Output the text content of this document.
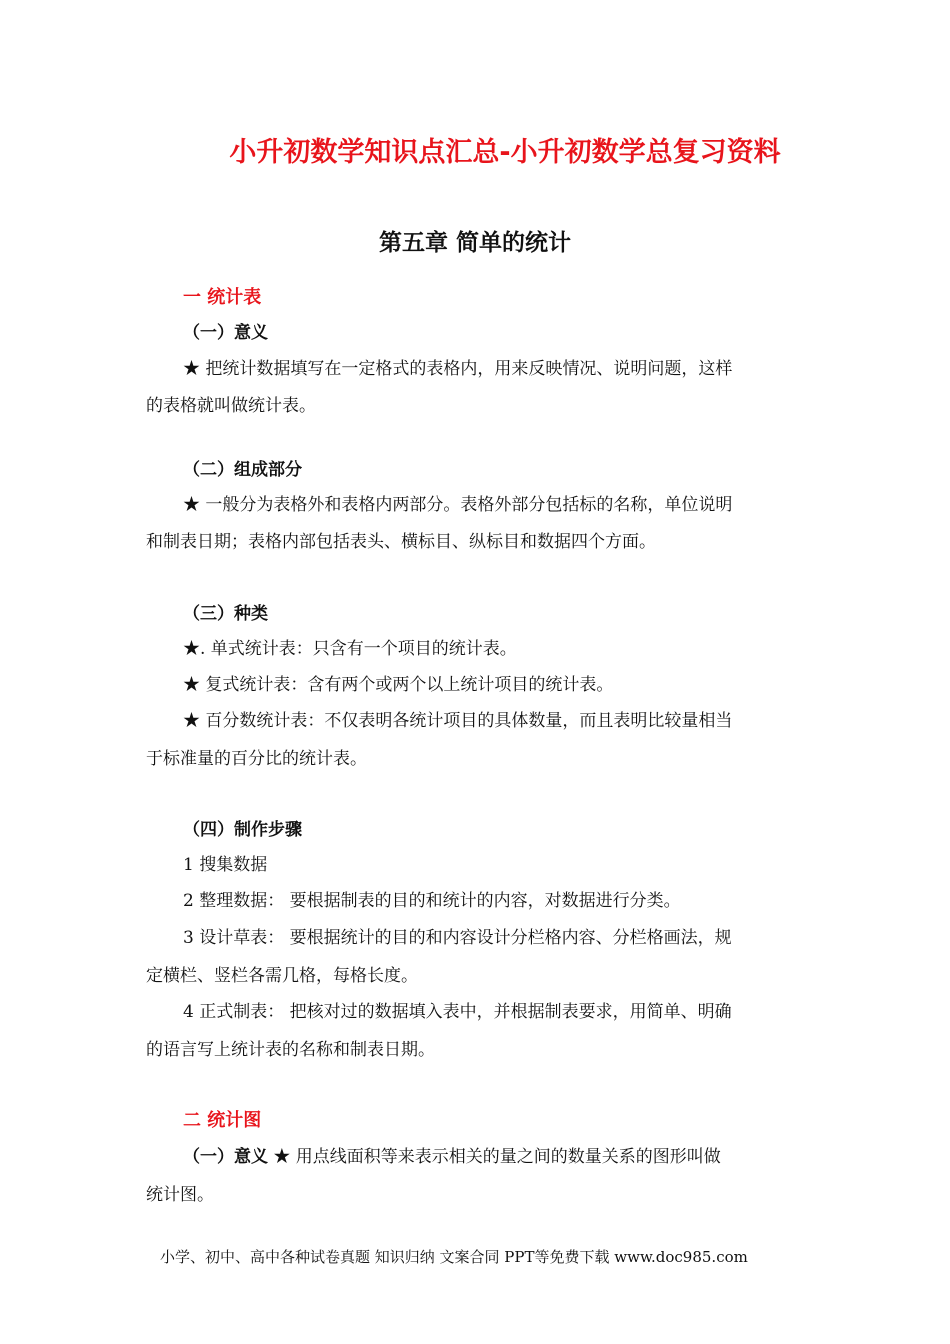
小升初数学知识点汇总-小升初数学总复习资料
第五章 简单的统计
一 统计表
（一）意义
★ 把统计数据填写在一定格式的表格内，用来反映情况、说明问题，这样
的表格就叫做统计表。
（二）组成部分
★ 一般分为表格外和表格内两部分。表格外部分包括标的名称，单位说明
和制表日期；表格内部包括表头、横标目、纵标目和数据四个方面。
（三）种类
★. 单式统计表：只含有一个项目的统计表。
★ 复式统计表：含有两个或两个以上统计项目的统计表。
★ 百分数统计表：不仅表明各统计项目的具体数量，而且表明比较量相当
于标准量的百分比的统计表。
（四）制作步骤
1 搜集数据
2 整理数据： 要根据制表的目的和统计的内容，对数据进行分类。
3 设计草表： 要根据统计的目的和内容设计分栏格内容、分栏格画法，规
定横栏、竖栏各需几格，每格长度。
4 正式制表： 把核对过的数据填入表中，并根据制表要求，用简单、明确
的语言写上统计表的名称和制表日期。
二 统计图
（一）意义 ★ 用点线面积等来表示相关的量之间的数量关系的图形叫做
统计图。
小学、初中、高中各种试卷真题 知识归纳 文案合同 PPT等免费下载 www.doc985.com
